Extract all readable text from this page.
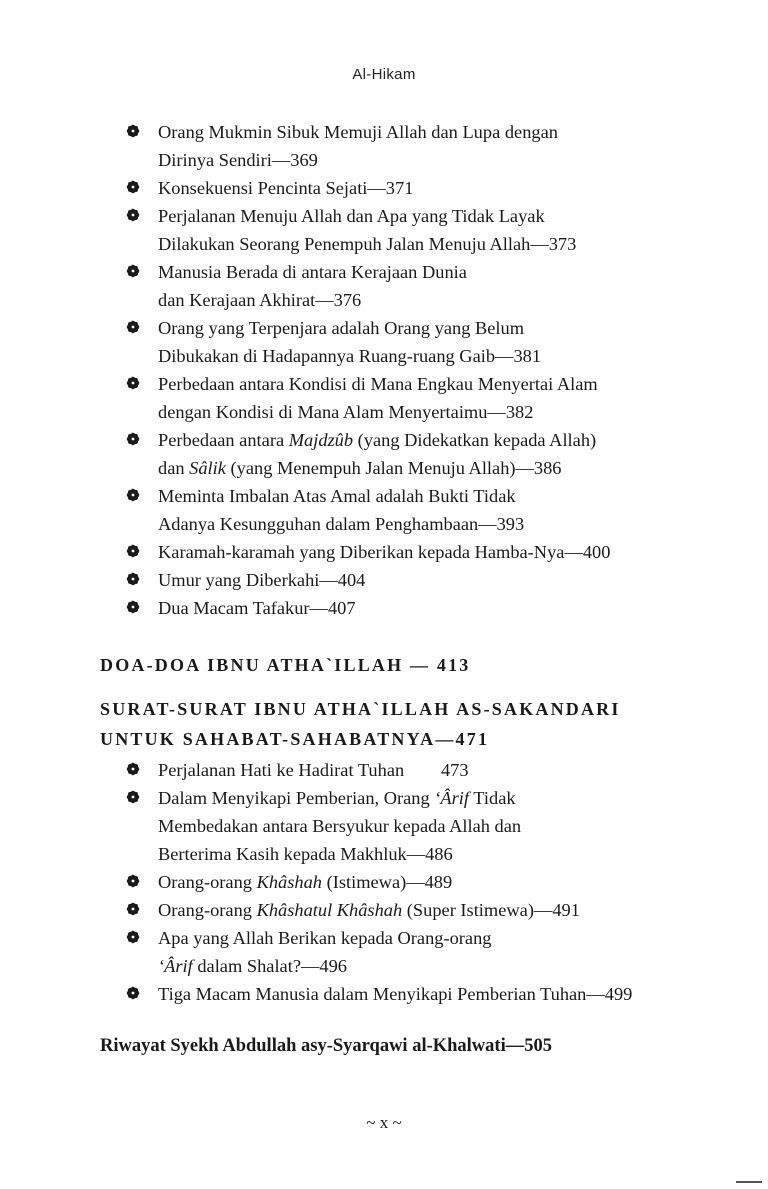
Al-Hikam
Orang Mukmin Sibuk Memuji Allah dan Lupa dengan
Dirinya Sendiri—369
Konsekuensi Pencinta Sejati—371
Perjalanan Menuju Allah dan Apa yang Tidak Layak
Dilakukan Seorang Penempuh Jalan Menuju Allah—373
Manusia Berada di antara Kerajaan Dunia
dan Kerajaan Akhirat—376
Orang yang Terpenjara adalah Orang yang Belum
Dibukakan di Hadapannya Ruang-ruang Gaib—381
Perbedaan antara Kondisi di Mana Engkau Menyertai Alam
dengan Kondisi di Mana Alam Menyertaimu—382
Perbedaan antara Majdzûb (yang Didekatkan kepada Allah)
dan Sâlik (yang Menempuh Jalan Menuju Allah)—386
Meminta Imbalan Atas Amal adalah Bukti Tidak
Adanya Kesungguhan dalam Penghambaan—393
Karamah-karamah yang Diberikan kepada Hamba-Nya—400
Umur yang Diberkahi—404
Dua Macam Tafakur—407
DOA-DOA IBNU ATHA`ILLAH — 413
SURAT-SURAT IBNU ATHA`ILLAH AS-SAKANDARI
UNTUK SAHABAT-SAHABATNYA—471
Perjalanan Hati ke Hadirat Tuhan  473
Dalam Menyikapi Pemberian, Orang ‘Ârif Tidak
Membedakan antara Bersyukur kepada Allah dan
Berterima Kasih kepada Makhluk—486
Orang-orang Khâshah (Istimewa)—489
Orang-orang Khâshatul Khâshah (Super Istimewa)—491
Apa yang Allah Berikan kepada Orang-orang
‘Ârif dalam Shalat?—496
Tiga Macam Manusia dalam Menyikapi Pemberian Tuhan—499
Riwayat Syekh Abdullah asy-Syarqawi al-Khalwati—505
~ x ~
